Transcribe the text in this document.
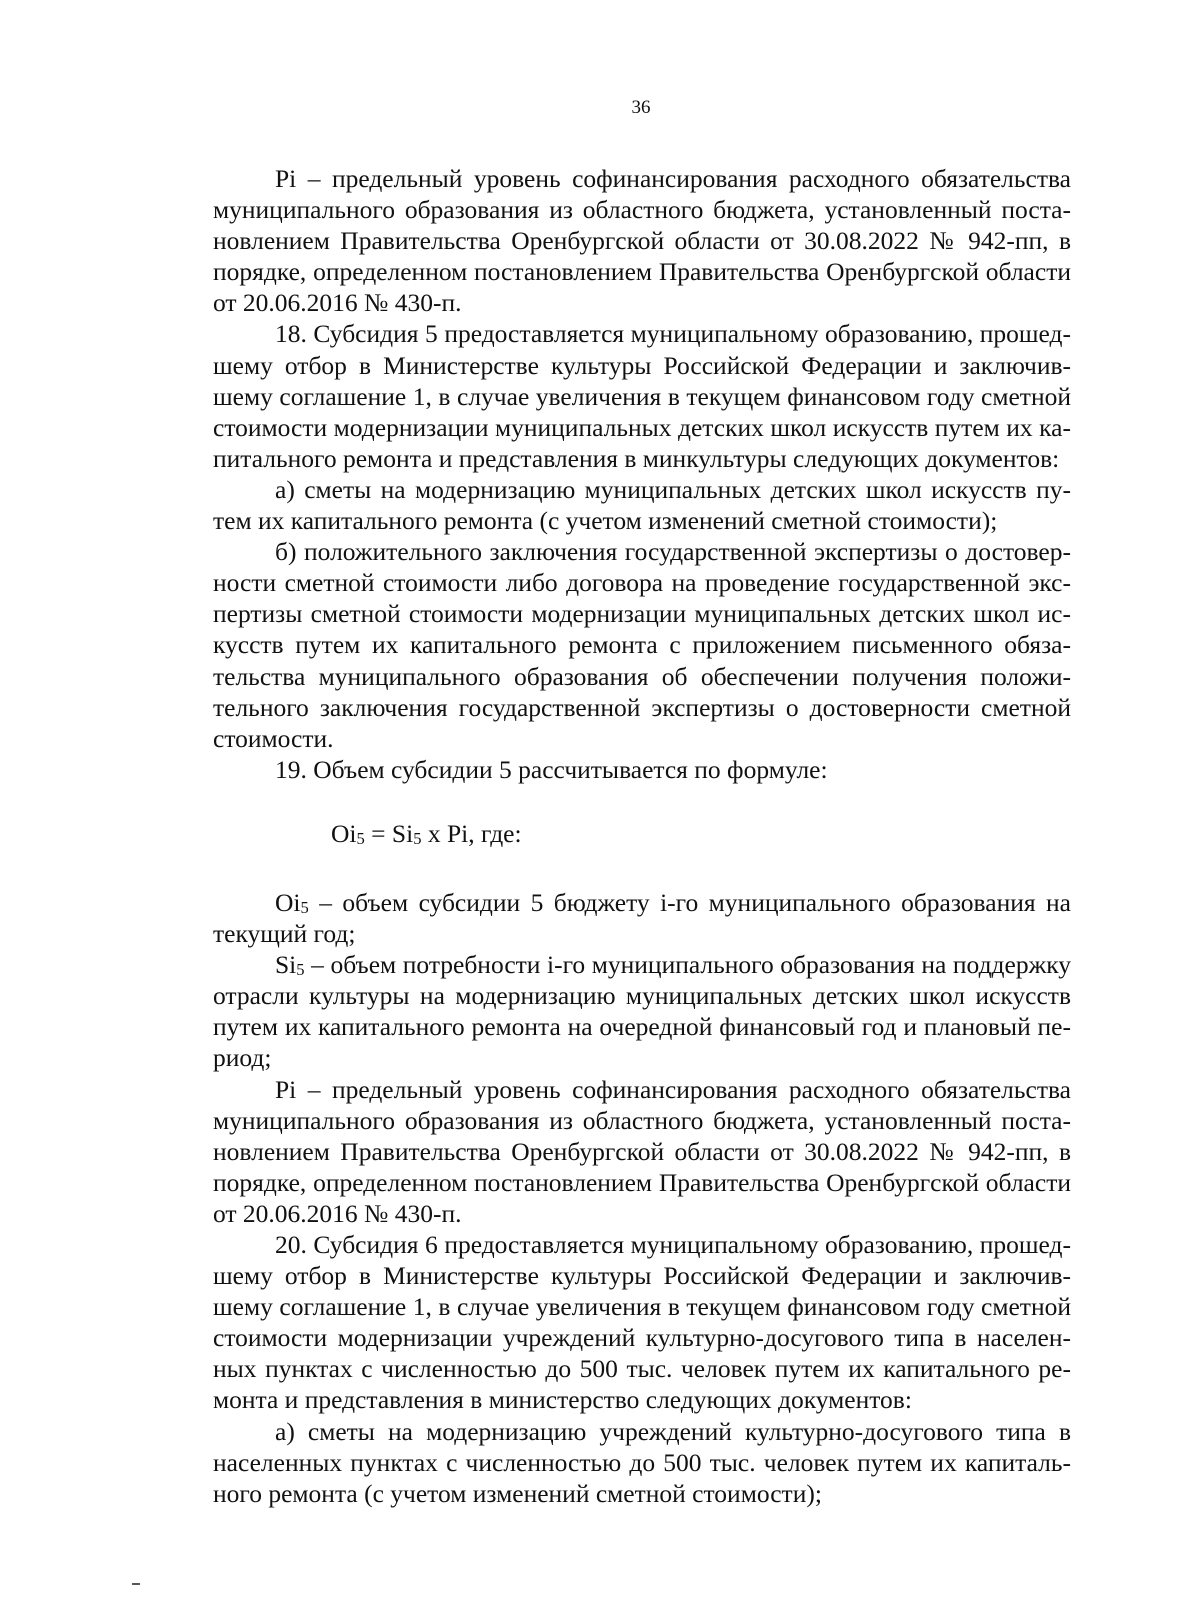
36

Pi – предельный уровень софинансирования расходного обязательства муниципального образования из областного бюджета, установленный постановлением Правительства Оренбургской области от 30.08.2022 № 942-пп, в порядке, определенном постановлением Правительства Оренбургской области от 20.06.2016 № 430-п.

18. Субсидия 5 предоставляется муниципальному образованию, прошедшему отбор в Министерстве культуры Российской Федерации и заключившему соглашение 1, в случае увеличения в текущем финансовом году сметной стоимости модернизации муниципальных детских школ искусств путем их капитального ремонта и представления в минкультуры следующих документов:

а) сметы на модернизацию муниципальных детских школ искусств путем их капитального ремонта (с учетом изменений сметной стоимости);

б) положительного заключения государственной экспертизы о достоверности сметной стоимости либо договора на проведение государственной экспертизы сметной стоимости модернизации муниципальных детских школ искусств путем их капитального ремонта с приложением письменного обязательства муниципального образования об обеспечении получения положительного заключения государственной экспертизы о достоверности сметной стоимости.

19. Объем субсидии 5 рассчитывается по формуле:

$Oi_5 = Si_5$ x Pi, где:

$Oi_5$ – объем субсидии 5 бюджету i-го муниципального образования на текущий год;

$Si_5$ – объем потребности i-го муниципального образования на поддержку отрасли культуры на модернизацию муниципальных детских школ искусств путем их капитального ремонта на очередной финансовый год и плановый период;

Pi – предельный уровень софинансирования расходного обязательства муниципального образования из областного бюджета, установленный постановлением Правительства Оренбургской области от 30.08.2022 № 942-пп, в порядке, определенном постановлением Правительства Оренбургской области от 20.06.2016 № 430-п.

20. Субсидия 6 предоставляется муниципальному образованию, прошедшему отбор в Министерстве культуры Российской Федерации и заключившему соглашение 1, в случае увеличения в текущем финансовом году сметной стоимости модернизации учреждений культурно-досугового типа в населенных пунктах с численностью до 500 тыс. человек путем их капитального ремонта и представления в министерство следующих документов:

а) сметы на модернизацию учреждений культурно-досугового типа в населенных пунктах с численностью до 500 тыс. человек путем их капитального ремонта (с учетом изменений сметной стоимости);
